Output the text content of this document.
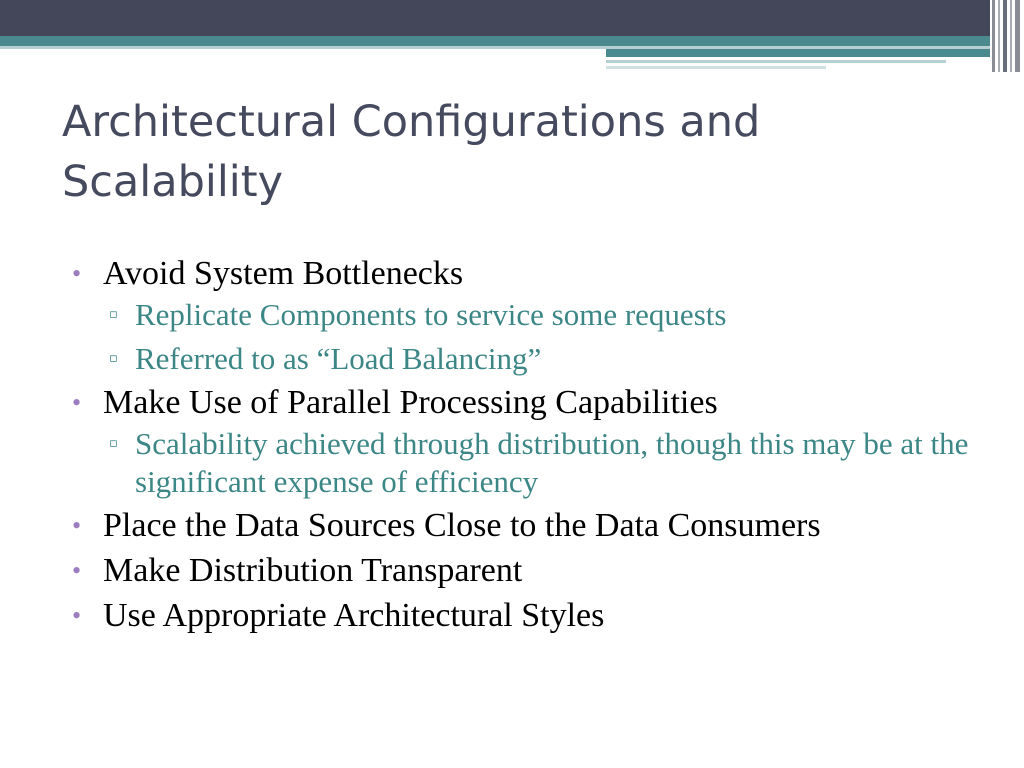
Architectural Configurations and Scalability
• Avoid System Bottlenecks
▫ Replicate Components to service some requests
▫ Referred to as “Load Balancing”
• Make Use of Parallel Processing Capabilities
▫ Scalability achieved through distribution, though this may be at the significant expense of efficiency
• Place the Data Sources Close to the Data Consumers
• Make Distribution Transparent
• Use Appropriate Architectural Styles
